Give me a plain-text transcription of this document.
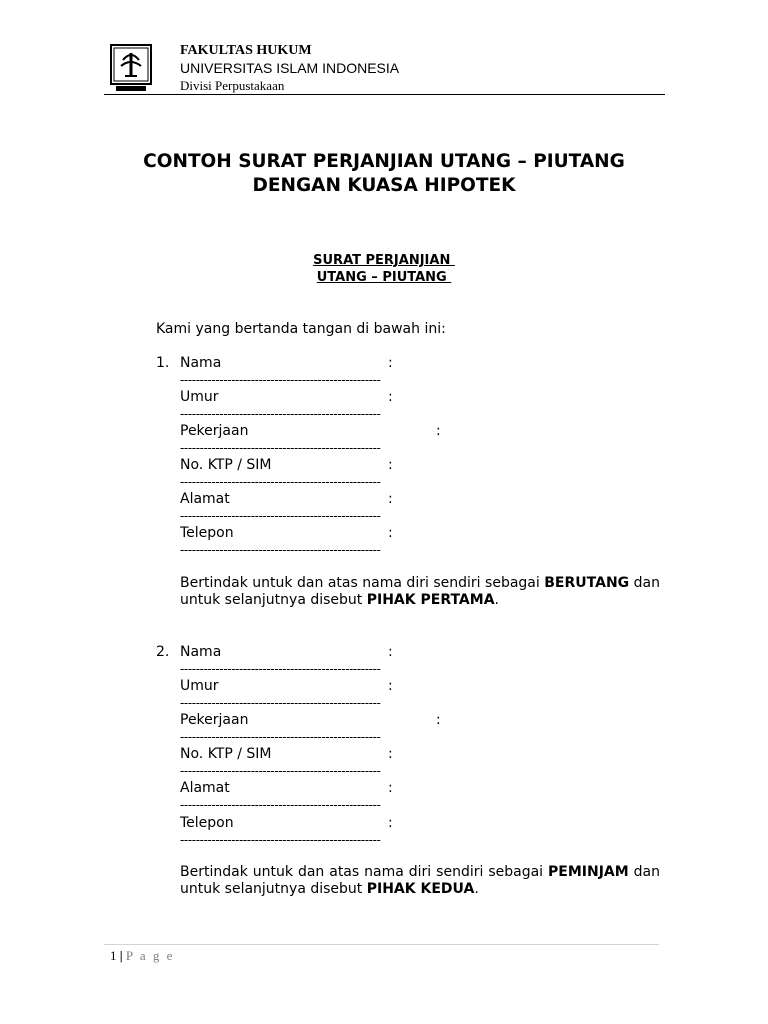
FAKULTAS HUKUM
UNIVERSITAS ISLAM INDONESIA
Divisi Perpustakaan
CONTOH SURAT PERJANJIAN UTANG – PIUTANG
DENGAN KUASA HIPOTEK
SURAT PERJANJIAN
UTANG – PIUTANG
Kami yang bertanda tangan di bawah ini:
1. Nama	:
---------------------------------------------------
Umur	:
---------------------------------------------------
Pekerjaan	:
---------------------------------------------------
No. KTP / SIM	:
---------------------------------------------------
Alamat	:
---------------------------------------------------
Telepon	:
---------------------------------------------------
Bertindak untuk dan atas nama diri sendiri sebagai BERUTANG dan untuk selanjutnya disebut PIHAK PERTAMA.
2. Nama	:
---------------------------------------------------
Umur	:
---------------------------------------------------
Pekerjaan	:
---------------------------------------------------
No. KTP / SIM	:
---------------------------------------------------
Alamat	:
---------------------------------------------------
Telepon	:
---------------------------------------------------
Bertindak untuk dan atas nama diri sendiri sebagai PEMINJAM dan untuk selanjutnya disebut PIHAK KEDUA.
1 | P a g e
